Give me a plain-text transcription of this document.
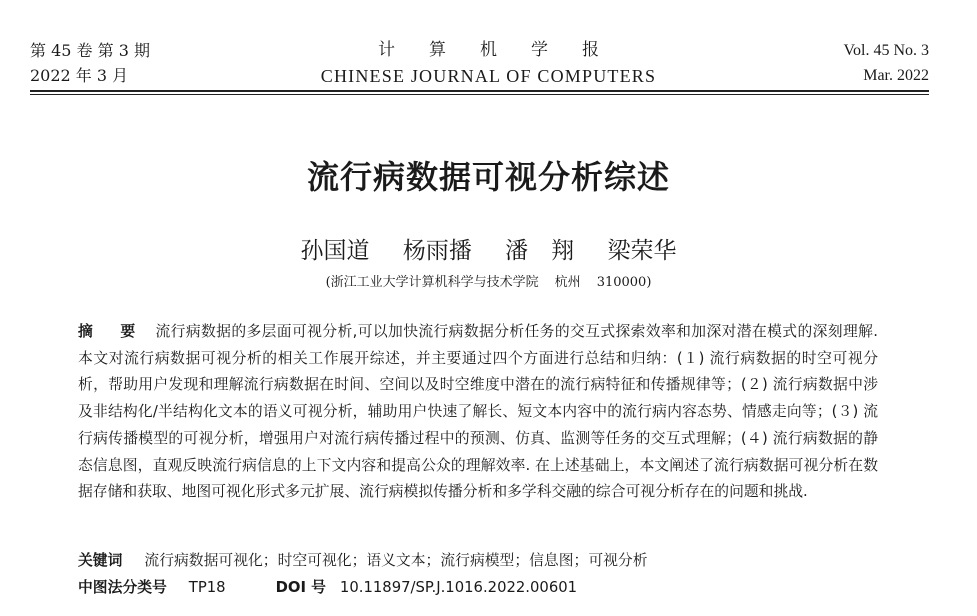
第 45 卷 第 3 期
2022 年 3 月
计算机学报
CHINESE JOURNAL OF COMPUTERS
Vol. 45 No. 3
Mar. 2022
流行病数据可视分析综述
孙国道 杨雨播 潘　翔 梁荣华
(浙江工业大学计算机科学与技术学院 杭州 310000)
摘　要 流行病数据的多层面可视分析,可以加快流行病数据分析任务的交互式探索效率和加深对潜在模式的深刻理解. 本文对流行病数据可视分析的相关工作展开综述，并主要通过四个方面进行总结和归纳：(１) 流行病数据的时空可视分析，帮助用户发现和理解流行病数据在时间、空间以及时空维度中潜在的流行病特征和传播规律等；(２) 流行病数据中涉及非结构化/半结构化文本的语义可视分析，辅助用户快速了解长、短文本内容中的流行病内容态势、情感走向等；(３) 流行病传播模型的可视分析，增强用户对流行病传播过程中的预测、仿真、监测等任务的交互式理解；(４) 流行病数据的静态信息图，直观反映流行病信息的上下文内容和提高公众的理解效率. 在上述基础上，本文阐述了流行病数据可视分析在数据存储和获取、地图可视化形式多元扩展、流行病模拟传播分析和多学科交融的综合可视分析存在的问题和挑战.
关键词 流行病数据可视化；时空可视化；语义文本；流行病模型；信息图；可视分析
中图法分类号 TP18	DOI 号 10.11897/SP.J.1016.2022.00601
